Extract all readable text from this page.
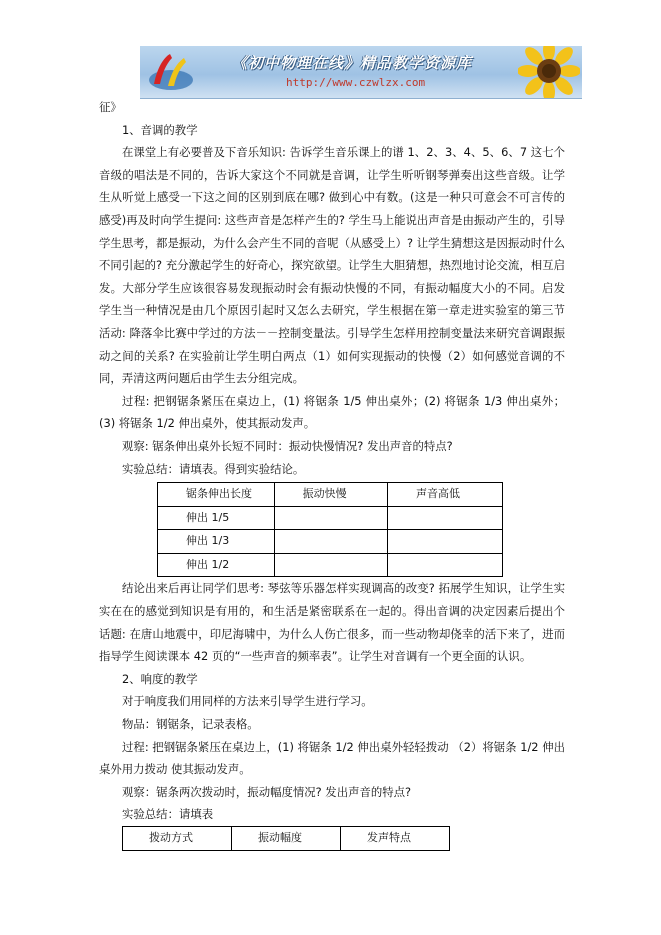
《初中物理在线》精品教学资源库
http://www.czwlzx.com

征》

1、音调的教学

在课堂上有必要普及下音乐知识: 告诉学生音乐课上的谱 1、2、3、4、5、6、7 这七个音级的唱法是不同的，告诉大家这个不同就是音调，让学生听听钢琴弹奏出这些音级。让学生从听觉上感受一下这之间的区别到底在哪? 做到心中有数。(这是一种只可意会不可言传的感受)再及时向学生提问: 这些声音是怎样产生的? 学生马上能说出声音是由振动产生的，引导学生思考，都是振动，为什么会产生不同的音呢（从感受上）? 让学生猜想这是因振动时什么不同引起的? 充分激起学生的好奇心，探究欲望。让学生大胆猜想，热烈地讨论交流，相互启发。大部分学生应该很容易发现振动时会有振动快慢的不同，有振动幅度大小的不同。启发学生当一种情况是由几个原因引起时又怎么去研究，学生根据在第一章走进实验室的第三节活动: 降落伞比赛中学过的方法－－控制变量法。引导学生怎样用控制变量法来研究音调跟振动之间的关系? 在实验前让学生明白两点（1）如何实现振动的快慢（2）如何感觉音调的不同，弄清这两问题后由学生去分组完成。

过程: 把钢锯条紧压在桌边上，(1) 将锯条 1/5 伸出桌外；(2) 将锯条 1/3 伸出桌外；(3) 将锯条 1/2 伸出桌外，使其振动发声。

观察: 锯条伸出桌外长短不同时：振动快慢情况? 发出声音的特点?

实验总结：请填表。得到实验结论。

锯条伸出长度	振动快慢	声音高低
伸出 1/5		
伸出 1/3		
伸出 1/2		

结论出来后再让同学们思考: 琴弦等乐器怎样实现调高的改变? 拓展学生知识，让学生实实在在的感觉到知识是有用的，和生活是紧密联系在一起的。得出音调的决定因素后提出个话题: 在唐山地震中，印尼海啸中，为什么人伤亡很多，而一些动物却侥幸的活下来了，进而指导学生阅读课本 42 页的“一些声音的频率表”。让学生对音调有一个更全面的认识。

2、响度的教学

对于响度我们用同样的方法来引导学生进行学习。

物品：钢锯条，记录表格。

过程: 把钢锯条紧压在桌边上，(1) 将锯条 1/2 伸出桌外轻轻拨动 （2）将锯条 1/2 伸出桌外用力拨动 使其振动发声。

观察：锯条两次拨动时，振动幅度情况? 发出声音的特点?

实验总结：请填表

拨动方式	振动幅度	发声特点
